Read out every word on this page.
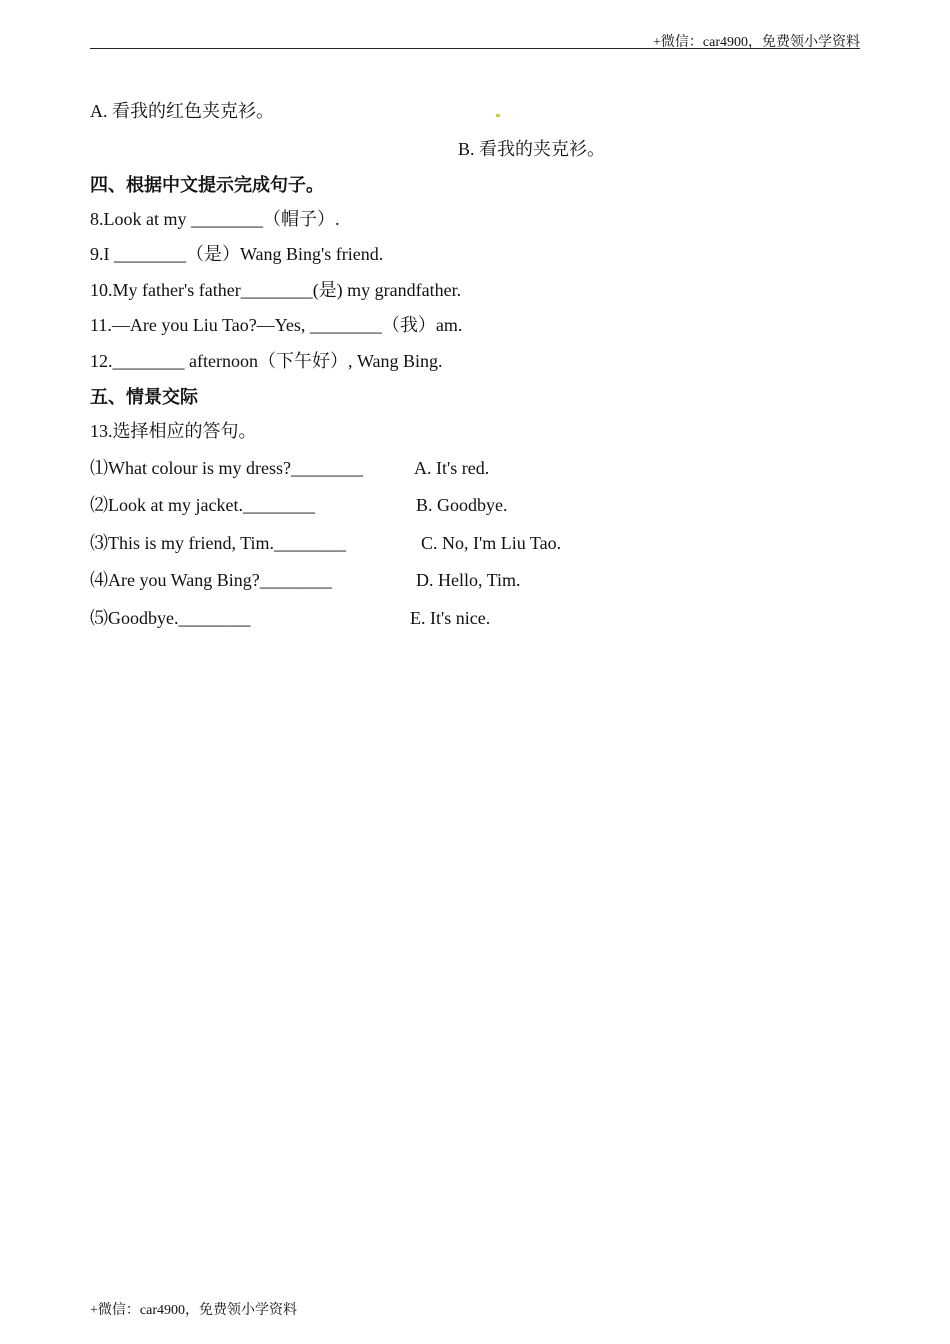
+微信：car4900，免费领小学资料
A. 看我的红色夹克衫。
B. 看我的夹克衫。
四、根据中文提示完成句子。
8.Look at my ________（帽子）.
9.I ________（是）Wang Bing's friend.
10.My father's father________(是) my grandfather.
11.—Are you Liu Tao?—Yes, ________（我）am.
12.________ afternoon（下午好）, Wang Bing.
五、情景交际
13.选择相应的答句。
⑴What colour is my dress?________	A. It's red.
⑵Look at my jacket.________	B. Goodbye.
⑶This is my friend, Tim.________	C. No, I'm Liu Tao.
⑷Are you Wang Bing?________	D. Hello, Tim.
⑸Goodbye.________	E. It's nice.
+微信：car4900，免费领小学资料
